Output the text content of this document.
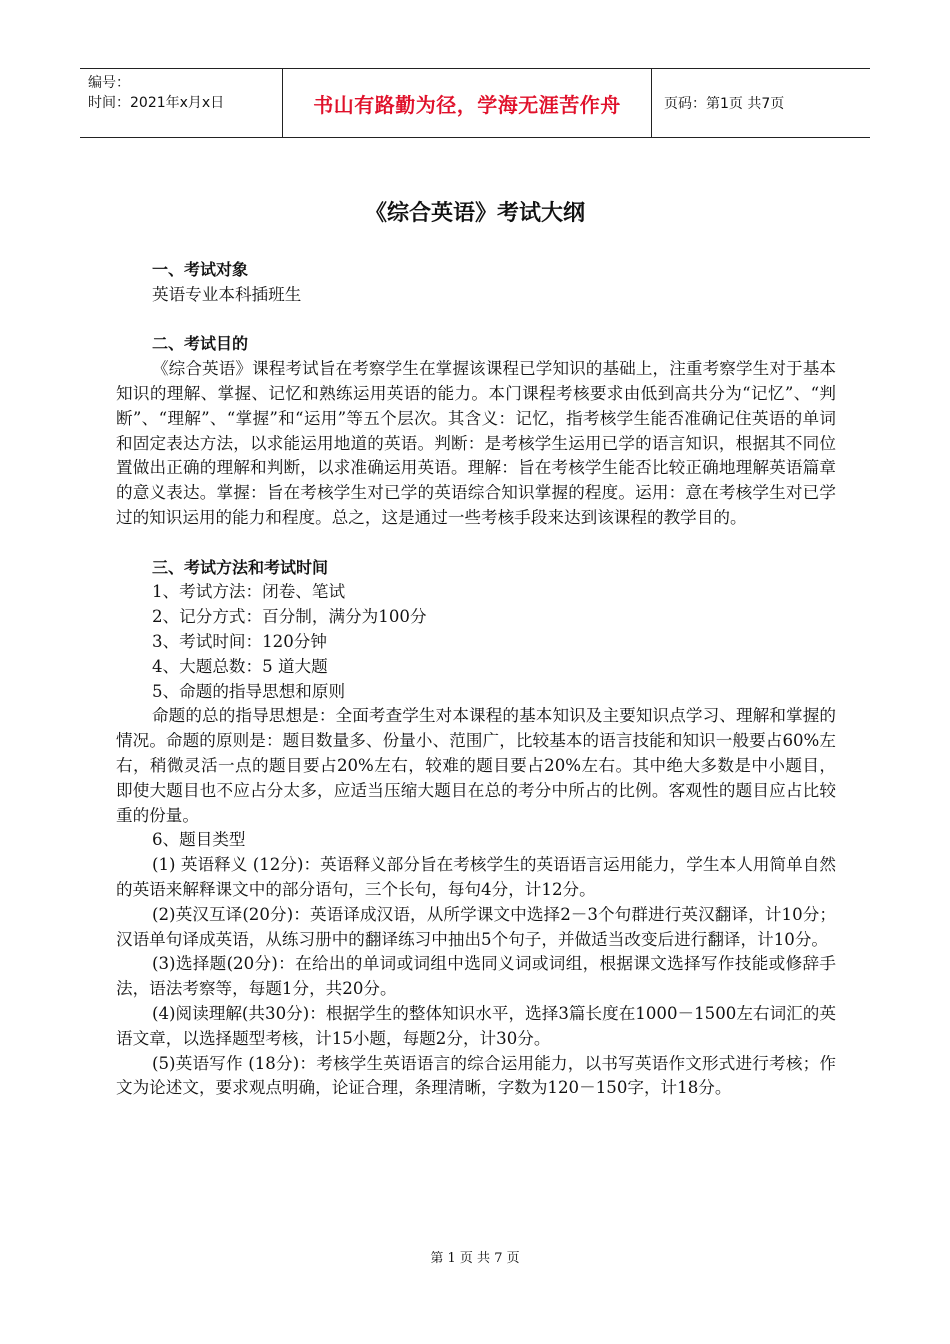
编号：
时间：2021年x月x日	书山有路勤为径，学海无涯苦作舟	页码：第1页 共7页
《综合英语》考试大纲
一、考试对象
英语专业本科插班生
二、考试目的

《综合英语》课程考试旨在考察学生在掌握该课程已学知识的基础上，注重考察学生对于基本知识的理解、掌握、记忆和熟练运用英语的能力。本门课程考核要求由低到高共分为“记忆”、“判断”、“理解”、“掌握”和“运用”等五个层次。其含义：记忆，指考核学生能否准确记住英语的单词和固定表达方法，以求能运用地道的英语。判断：是考核学生运用已学的语言知识，根据其不同位置做出正确的理解和判断，以求准确运用英语。理解：旨在考核学生能否比较正确地理解英语篇章的意义表达。掌握：旨在考核学生对已学的英语综合知识掌握的程度。运用：意在考核学生对已学过的知识运用的能力和程度。总之，这是通过一些考核手段来达到该课程的教学目的。

三、考试方法和考试时间
1、考试方法：闭卷、笔试
2、记分方式：百分制，满分为100分
3、考试时间：120分钟
4、大题总数：5 道大题
5、命题的指导思想和原则

命题的总的指导思想是：全面考查学生对本课程的基本知识及主要知识点学习、理解和掌握的情况。命题的原则是：题目数量多、份量小、范围广，比较基本的语言技能和知识一般要占60%左右，稍微灵活一点的题目要占20%左右，较难的题目要占20%左右。其中绝大多数是中小题目，即使大题目也不应占分太多，应适当压缩大题目在总的考分中所占的比例。客观性的题目应占比较重的份量。

6、题目类型

(1) 英语释义 (12分)：英语释义部分旨在考核学生的英语语言运用能力，学生本人用简单自然的英语来解释课文中的部分语句，三个长句，每句4分，计12分。

(2)英汉互译(20分)：英语译成汉语，从所学课文中选择2－3个句群进行英汉翻译，计10分；汉语单句译成英语，从练习册中的翻译练习中抽出5个句子，并做适当改变后进行翻译，计10分。

(3)选择题(20分)：在给出的单词或词组中选同义词或词组，根据课文选择写作技能或修辞手法，语法考察等，每题1分，共20分。

(4)阅读理解(共30分)：根据学生的整体知识水平，选择3篇长度在1000－1500左右词汇的英语文章，以选择题型考核，计15小题，每题2分，计30分。

(5)英语写作 (18分)：考核学生英语语言的综合运用能力，以书写英语作文形式进行考核；作文为论述文，要求观点明确，论证合理，条理清晰，字数为120－150字，计18分。

第 1 页 共 7 页
